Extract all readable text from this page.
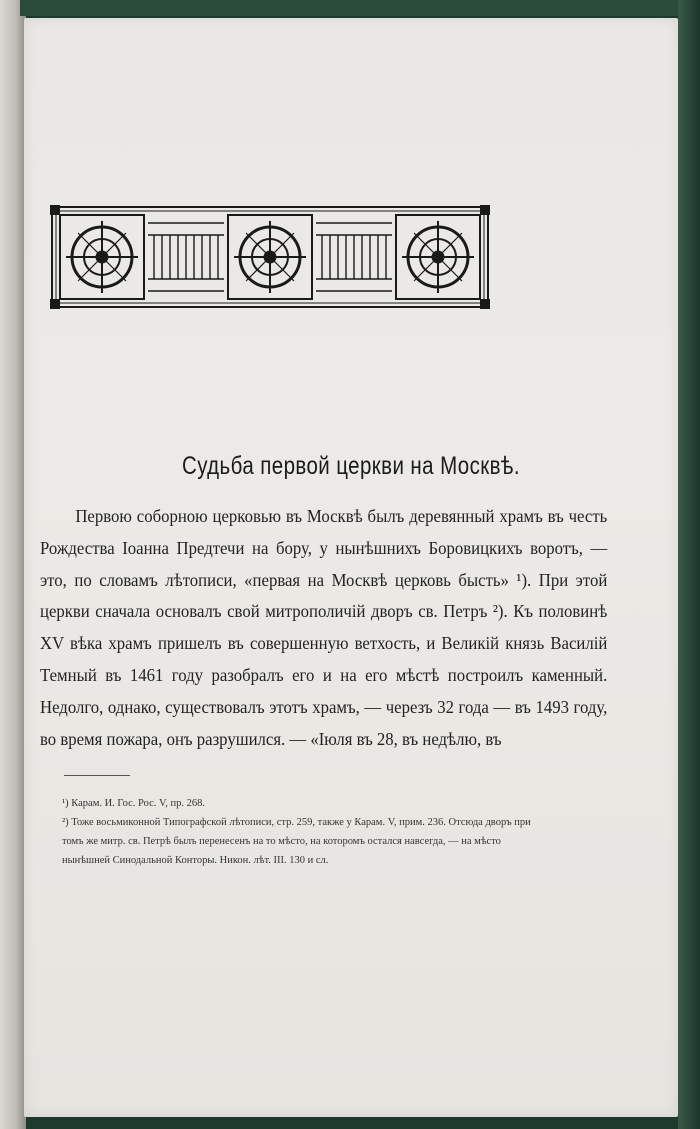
Судьба первой церкви на Москвѣ.

Первою соборною церковью въ Москвѣ былъ деревянный храмъ въ честь Рождества Іоанна Предтечи на бору, у нынѣшнихъ Боровицкихъ воротъ, — это, по словамъ лѣтописи, «первая на Москвѣ церковь бысть» ¹). При этой церкви сначала основалъ свой митрополичій дворъ св. Петръ ²). Къ половинѣ XV вѣка храмъ пришелъ въ совершенную ветхость, и Великій князь Василій Темный въ 1461 году разобралъ его и на его мѣстѣ построилъ каменный. Недолго, однако, существовалъ этотъ храмъ, — черезъ 32 года — въ 1493 году, во время пожара, онъ разрушился. — «Іюля въ 28, въ недѣлю, въ

¹) Карам. И. Гос. Рос. V, пр. 268.
²) Тоже восьмиконной Типографской лѣтописи, стр. 259, также у Карам. V, прим. 236. Отсюда дворъ при томъ же митр. св. Петрѣ былъ перенесенъ на то мѣсто, на которомъ остался навсегда, — на мѣсто нынѣшней Синодальной Конторы. Никон. лѣт. III. 130 и сл.
